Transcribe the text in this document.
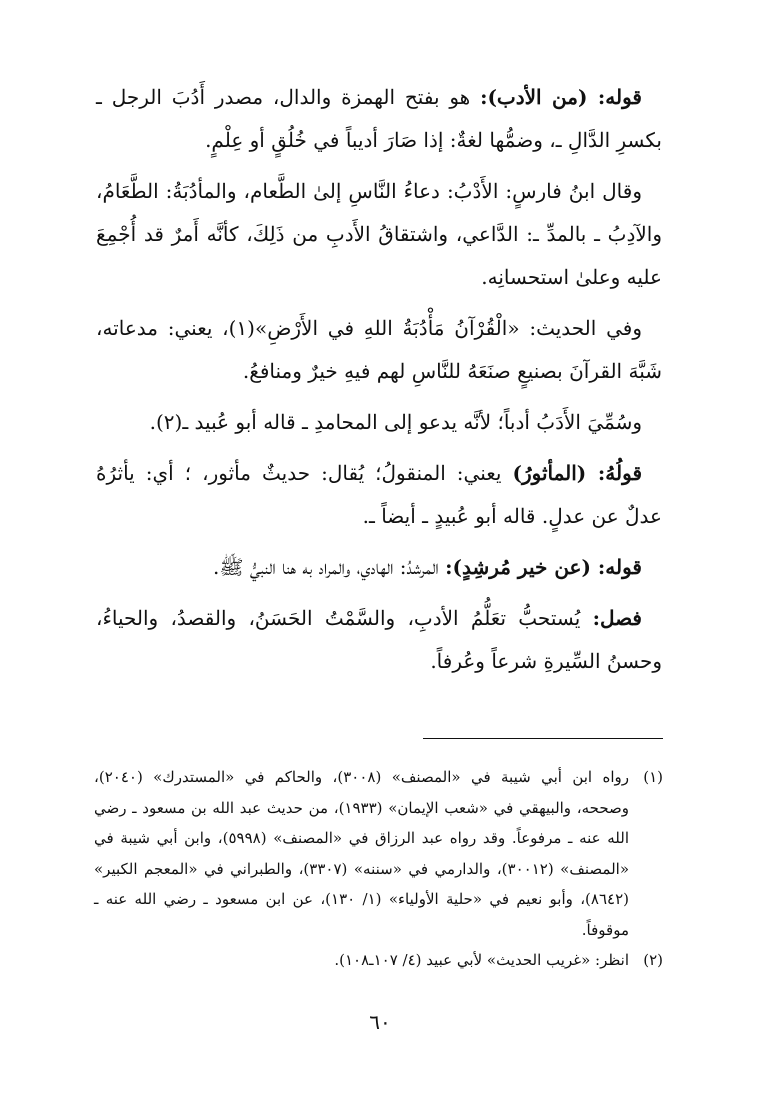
قوله: (من الأدب): هو بفتح الهمزة والدال، مصدر أَدُبَ الرجل ـ بكسرِ الدَّالِ ـ، وضمُّها لغةٌ: إذا صَارَ أديباً في خُلُقٍ أو عِلْمٍ.

وقال ابنُ فارسٍ: الأَدْبُ: دعاءُ النَّاسِ إلىٰ الطَّعام، والمأدُبَةُ: الطَّعَامُ، والآدِبُ ـ بالمدِّ ـ: الدَّاعي، واشتقاقُ الأَدبِ من ذَلِكَ، كأنَّه أَمرٌ قد أُجْمِعَ عليه وعلىٰ استحسانِه.

وفي الحديث: «الْقُرْآنُ مَأْدُبَةُ اللهِ في الأَرْضِ»(١)، يعني: مدعاته، شَبَّهَ القرآنَ بصنيعٍ صنَعَهُ للنَّاسِ لهم فيهِ خيرٌ ومنافعُ.

وسُمِّيَ الأَدَبُ أدباً؛ لأنَّه يدعو إلى المحامدِ ـ قاله أبو عُبيد ـ(٢).

قولُهُ: (المأثورُ) يعني: المنقولُ؛ يُقال: حديثٌ مأثور، ؛ أي: يأثرُهُ عدلٌ عن عدلٍ. قاله أبو عُبيدٍ ـ أيضاً ـ.

قوله: (عن خير مُرشِدٍ): المرشدُ: الهادي، والمراد به هنا النبيُّ ﷺ.

فصل: يُستحبُّ تعَلُّمُ الأدبِ، والسَّمْتُ الحَسَنُ، والقصدُ، والحياءُ، وحسنُ السِّيرةِ شرعاً وعُرفاً.

(١)
رواه ابن أبي شيبة في «المصنف» (٣٠٠٨)، والحاكم في «المستدرك» (٢٠٤٠)، وصححه، والبيهقي في «شعب الإيمان» (١٩٣٣)، من حديث عبد الله بن مسعود ـ رضي الله عنه ـ مرفوعاً. وقد رواه عبد الرزاق في «المصنف» (٥٩٩٨)، وابن أبي شيبة في «المصنف» (٣٠٠١٢)، والدارمي في «سننه» (٣٣٠٧)، والطبراني في «المعجم الكبير» (٨٦٤٢)، وأبو نعيم في «حلية الأولياء» (١/ ١٣٠)، عن ابن مسعود ـ رضي الله عنه ـ موقوفاً.
(٢)
انظر: «غريب الحديث» لأبي عبيد (٤/ ١٠٧ـ١٠٨).
٦٠
